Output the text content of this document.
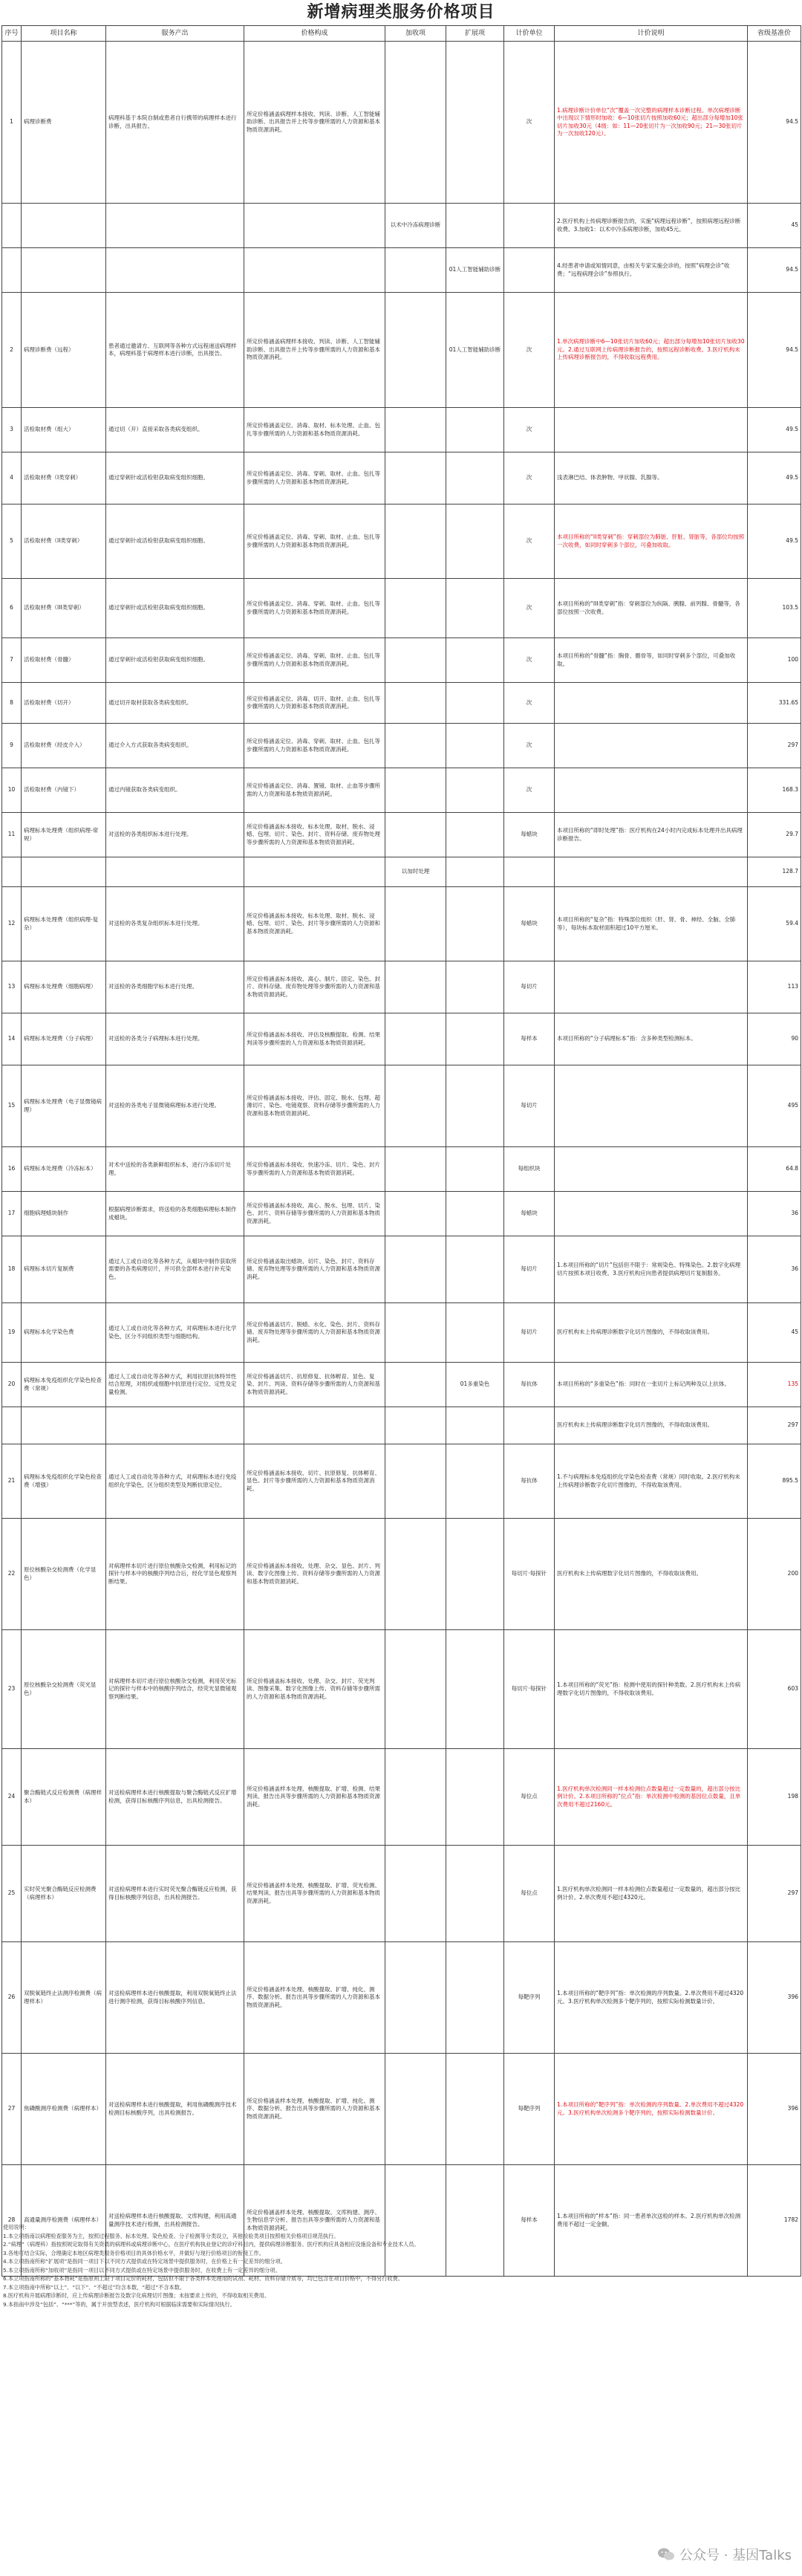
新增病理类服务价格项目
序号	项目名称	服务产出	价格构成	加收项	扩展项	计价单位	计价说明	省级基准价
1	病理诊断费	病理科基于本院自制或患者自行携带的病理样本进行诊断，出具报告。	所定价格涵盖病理样本接收、判读、诊断、人工智能辅助诊断、出具报告并上传等步骤所需的人力资源和基本物质资源消耗。			次	1.病理诊断计价单位“次”覆盖一次完整的病理样本诊断过程。单次病理诊断中出现以下情形时加收：6—10张切片按照加收60元；超出部分每增加10张切片加收30元（4级：如：11—20张切片为一次加收90元；21—30张切片为一次加收120元）。	94.5
				以术中冷冻病理诊断			2.医疗机构上传病理诊断报告的，实施“病理远程诊断”，按照病理远程诊断收费。3.加收1：以术中冷冻病理诊断，加收45元。	45
					01人工智能辅助诊断		4.经患者申请或知情同意，由相关专家实施会诊的，按照“病理会诊”收费；“远程病理会诊”参照执行。	94.5
2	病理诊断费（远程）	患者通过邀请方、互联网等各种方式远程递送病理样本，病理科基于病理样本进行诊断，出具报告。	所定价格涵盖病理样本接收、判读、诊断、人工智能辅助诊断、出具报告并上传等步骤所需的人力资源和基本物质资源消耗。		01人工智能辅助诊断	次	1.单次病理诊断中6—10张切片加收60元；超出部分每增加10张切片加收30元。2.通过互联网上传病理诊断报告的，按照远程诊断收费。3.医疗机构未上传病理诊断报告的，不得收取远程费用。	94.5
3	活检取材费（组大）	通过切（开）直接采取各类病变组织。	所定价格涵盖定位、消毒、取材、标本处理、止血、包扎等步骤所需的人力资源和基本物质资源消耗。			次		49.5
4	活检取材费（I类穿刺）	通过穿刺针或活检钳获取病变组织细胞。	所定价格涵盖定位、消毒、穿刺、取材、止血、包扎等步骤所需的人力资源和基本物质资源消耗。			次	浅表淋巴结、体表肿物、甲状腺、乳腺等。	49.5
5	活检取材费（II类穿刺）	通过穿刺针或活检钳获取病变组织细胞。	所定价格涵盖定位、消毒、穿刺、取材、止血、包扎等步骤所需的人力资源和基本物质资源消耗。			次	本项目所称的“II类穿刺”指：穿刺部位为肺脏、肝脏、肾脏等，各部位均按照一次收费，如同时穿刺多个部位，可叠加收取。	49.5
6	活检取材费（III类穿刺）	通过穿刺针或活检钳获取病变组织细胞。	所定价格涵盖定位、消毒、穿刺、取材、止血、包扎等步骤所需的人力资源和基本物质资源消耗。			次	本项目所称的“III类穿刺”指：穿刺部位为纵隔、胰腺、前列腺、骨髓等，各部位按照一次收费。	103.5
7	活检取材费（骨髓）	通过穿刺针或活检钳获取病变组织细胞。	所定价格涵盖定位、消毒、穿刺、取材、止血、包扎等步骤所需的人力资源和基本物质资源消耗。			次	本项目所称的“骨髓”指：胸骨、髂骨等，如同时穿刺多个部位，可叠加收取。	100
8	活检取材费（切开）	通过切开取材获取各类病变组织。	所定价格涵盖定位、消毒、切开、取材、止血、包扎等步骤所需的人力资源和基本物质资源消耗。			次		331.65
9	活检取材费（经皮介入）	通过介入方式获取各类病变组织。	所定价格涵盖定位、消毒、穿刺、取材、止血、包扎等步骤所需的人力资源和基本物质资源消耗。			次		297
10	活检取材费（内镜下）	通过内镜获取各类病变组织。	所定价格涵盖定位、消毒、置镜、取材、止血等步骤所需的人力资源和基本物质资源消耗。			次		168.3
11	病理标本处理费（组织病理-常规）	对送检的各类组织标本进行处理。	所定价格涵盖标本接收、标本处理、取材、脱水、浸蜡、包埋、切片、染色、封片、资料存储、废弃物处理等步骤所需的人力资源和基本物质资源消耗。			每蜡块	本项目所称的“即时处理”指：医疗机构在24小时内完成标本处理并出具病理诊断报告。	29.7
				以加时处理				128.7
12	病理标本处理费（组织病理-复杂）	对送检的各类复杂组织标本进行处理。	所定价格涵盖标本接收、标本处理、取材、脱水、浸蜡、包埋、切片、染色、封片等步骤所需的人力资源和基本物质资源消耗。			每蜡块	本项目所称的“复杂”指：特殊部位组织（肝、肾、骨、神经、全脑、全肺等），每块标本取材面积超过10平方厘米。	59.4
13	病理标本处理费（细胞病理）	对送检的各类细胞学标本进行处理。	所定价格涵盖标本接收、离心、制片、固定、染色、封片、资料存储、废弃物处理等步骤所需的人力资源和基本物质资源消耗。			每切片		113
14	病理标本处理费（分子病理）	对送检的各类分子病理标本进行处理。	所定价格涵盖标本接收、评估及核酸提取、检测、结果判读等步骤所需的人力资源和基本物质资源消耗。			每样本	本项目所称的“分子病理标本”指：含多种类型检测标本。	90
15	病理标本处理费（电子显微镜病理）	对送检的各类电子显微镜病理标本进行处理。	所定价格涵盖标本接收、评估、固定、脱水、包埋、超薄切片、染色、电镜观察、资料存储等步骤所需的人力资源和基本物质资源消耗。			每切片		495
16	病理标本处理费（冷冻标本）	对术中送检的各类新鲜组织标本，进行冷冻切片处理。	所定价格涵盖标本接收、快速冷冻、切片、染色、封片等步骤所需的人力资源和基本物质资源消耗。			每组织块		64.8
17	细胞病理蜡块制作	根据病理诊断需求，将送检的各类细胞病理标本制作成蜡块。	所定价格涵盖标本接收、离心、脱水、包埋、切片、染色、封片、资料存储等步骤所需的人力资源和基本物质资源消耗。			每蜡块		36
18	病理标本切片复制费	通过人工或自动化等各种方式，从蜡块中制作获取所需要的各类病理切片，并可供全部样本进行补充染色。	所定价格涵盖取出蜡块、切片、染色、封片、资料存储、废弃物处理等步骤所需的人力资源和基本物质资源消耗。			每切片	1.本项目所称的“切片”包括但不限于：常规染色、特殊染色。2.数字化病理切片按照本项目收费。3.医疗机构应向患者提供病理切片复制服务。	36
19	病理标本化学染色费	通过人工或自动化等各种方式，对病理标本进行化学染色，区分不同组织类型与细胞结构。	所定价格涵盖切片、脱蜡、水化、染色、封片、资料存储、废弃物处理等步骤所需的人力资源和基本物质资源消耗。			每切片	医疗机构未上传病理诊断数字化切片图像的，不得收取该费用。	45
20	病理标本免疫组织化学染色检查费（常规）	通过人工或自动化等各种方式，利用抗原抗体特异性结合原理，对组织或细胞中抗原进行定位、定性及定量检测。	所定价格涵盖切片、抗原修复、抗体孵育、显色、复染、封片、判读、资料存储等步骤所需的人力资源和基本物质资源消耗。		01多重染色	每抗体	本项目所称的“多重染色”指：同时在一张切片上标记两种及以上抗体。	135
							医疗机构未上传病理诊断数字化切片图像的，不得收取该费用。	297
21	病理标本免疫组织化学染色检查费（增强）	通过人工或自动化等各种方式，对病理标本进行免疫组织化学染色，区分组织类型及判断抗原定位。	所定价格涵盖标本接收、切片、抗原修复、抗体孵育、显色、封片等步骤所需的人力资源和基本物质资源消耗。			每抗体	1.不与病理标本免疫组织化学染色检查费（常规）同时收取。2.医疗机构未上传病理诊断数字化切片图像的，不得收取该费用。	895.5
22	原位核酸杂交检测费（化学显色）	对病理样本切片进行原位核酸杂交检测，利用标记的探针与样本中的核酸序列结合后，经化学显色观察判断结果。	所定价格涵盖标本接收、处理、杂交、显色、封片、判读、数字化图像上传、资料存储等步骤所需的人力资源和基本物质资源消耗。			每切片·每探针	医疗机构未上传病理数字化切片图像的，不得收取该费用。	200
23	原位核酸杂交检测费（荧光显色）	对病理样本切片进行原位核酸杂交检测，利用荧光标记的探针与样本中的核酸序列结合，经荧光显微镜观察判断结果。	所定价格涵盖标本接收、处理、杂交、封片、荧光判读、图像采集、数字化图像上传、资料存储等步骤所需的人力资源和基本物质资源消耗。			每切片·每探针	1.本项目所称的“荧光”指：检测中使用的探针种类数。2.医疗机构未上传病理数字化切片图像的，不得收取该费用。	603
24	聚合酶链式反应检测费（病理样本）	对送检病理样本进行核酸提取与聚合酶链式反应扩增检测，获得目标核酸序列信息，出具检测报告。	所定价格涵盖样本处理、核酸提取、扩增、检测、结果判读、报告出具等步骤所需的人力资源和基本物质资源消耗。			每位点	1.医疗机构单次检测同一样本检测位点数量超过一定数量的，超出部分按比例计价。2.本项目所称的“位点”指：单次检测中检测的基因位点数量，且单次费用不超过2160元。	198
25	实时荧光聚合酶链反应检测费（病理样本）	对送检病理样本进行实时荧光聚合酶链反应检测，获得目标核酸序列信息，出具检测报告。	所定价格涵盖样本处理、核酸提取、扩增、荧光检测、结果判读、报告出具等步骤所需的人力资源和基本物质资源消耗。			每位点	1.医疗机构单次检测同一样本检测位点数量超过一定数量的，超出部分按比例计价。2.单次费用不超过4320元。	297
26	双脱氧链终止法测序检测费（病理样本）	对送检病理样本进行核酸提取，利用双脱氧链终止法进行测序检测，获得目标核酸序列信息。	所定价格涵盖样本处理、核酸提取、扩增、纯化、测序、数据分析、报告出具等步骤所需的人力资源和基本物质资源消耗。			每靶序列	1.本项目所称的“靶序列”指：单次检测的序列数量。2.单次费用不超过4320元。3.医疗机构单次检测多个靶序列的，按照实际检测数量计价。	396
27	焦磷酸测序检测费（病理样本）	对送检病理样本进行核酸提取，利用焦磷酸测序技术检测目标核酸序列，出具检测报告。	所定价格涵盖样本处理、核酸提取、扩增、纯化、测序、数据分析、报告出具等步骤所需的人力资源和基本物质资源消耗。			每靶序列	1.本项目所称的“靶序列”指：单次检测的序列数量。2.单次费用不超过4320元。3.医疗机构单次检测多个靶序列的，按照实际检测数量计价。	396
28	高通量测序检测费（病理样本）	对送检病理样本进行核酸提取、文库构建，利用高通量测序技术进行检测，出具检测报告。	所定价格涵盖样本处理、核酸提取、文库构建、测序、生物信息学分析、报告出具等步骤所需的人力资源和基本物质资源消耗。			每样本	1.本项目所称的“样本”指：同一患者单次送检的样本。2.医疗机构单次检测费用不超过一定金额。	1782

使用说明：

1.本立项指南以病理检查服务为主，按照过程服务、标本处理、染色检查、分子检测等分类设立，其他检验类项目按照相关价格项目规范执行。

2.“病理”（病理科）指按照规定取得有关资质的病理科或病理诊断中心，在医疗机构执业登记的诊疗科目内，提供病理诊断服务。医疗机构应具备相应设施设备和专业技术人员。

3.各地可结合实际，合理确定本地区病理类服务价格项目的具体价格水平，并做好与现行价格项目的衔接工作。

4.本立项指南所称“扩展项”是指同一项目下以不同方式提供或在特定场景中提供服务时，在价格上有一定差异的细分项。

5.本立项指南所称“加收项”是指同一项目以不同方式提供或在特定场景中提供服务时，在收费上有一定差异的细分项。

6.本立项指南所称的“基本物耗”是指原则上限于项目定价的耗材，包括但不限于各类样本处理用的试剂、耗材、资料存储介质等，均已包含在项目价格中，不得另行收费。

7.本立项指南中所称“以上”、“以下”、“不超过”均含本数，“超过”不含本数。

8.医疗机构开展病理诊断时，应上传病理诊断报告及数字化病理切片图像；未按要求上传的，不得收取相关费用。

9.本指南中涉及“包括”、“***”等的，属于开放型表述，医疗机构可根据临床需要和实际情况执行。

公众号 · 基因Talks
